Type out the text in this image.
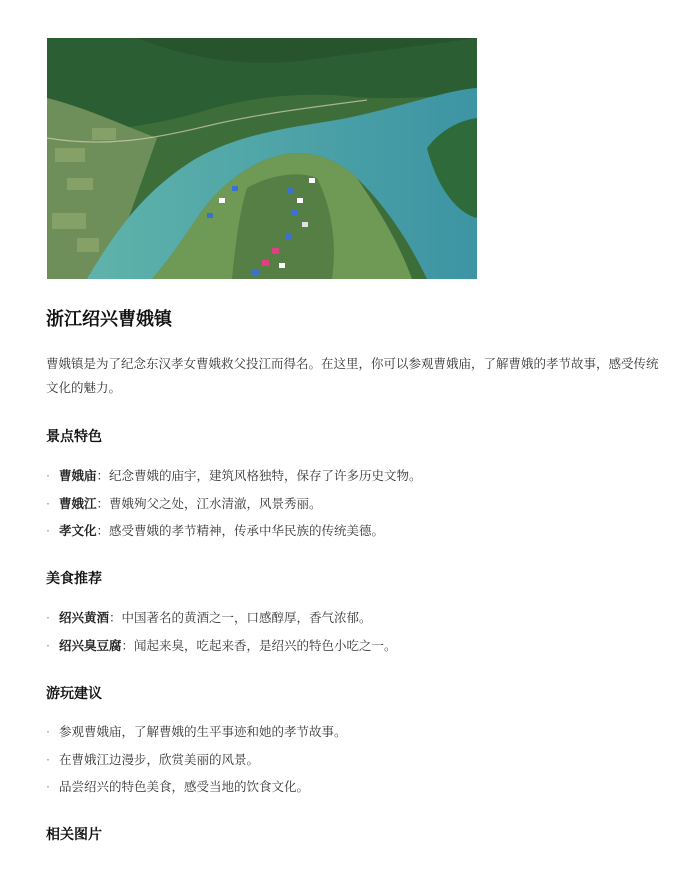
浙江绍兴曹娥镇

曹娥镇是为了纪念东汉孝女曹娥救父投江而得名。在这里，你可以参观曹娥庙，了解曹娥的孝节故事，感受传统文化的魅力。

景点特色
· 曹娥庙：纪念曹娥的庙宇，建筑风格独特，保存了许多历史文物。
· 曹娥江：曹娥殉父之处，江水清澈，风景秀丽。
· 孝文化：感受曹娥的孝节精神，传承中华民族的传统美德。
美食推荐
· 绍兴黄酒：中国著名的黄酒之一，口感醇厚，香气浓郁。
· 绍兴臭豆腐：闻起来臭，吃起来香，是绍兴的特色小吃之一。
游玩建议
· 参观曹娥庙，了解曹娥的生平事迹和她的孝节故事。
· 在曹娥江边漫步，欣赏美丽的风景。
· 品尝绍兴的特色美食，感受当地的饮食文化。
相关图片
